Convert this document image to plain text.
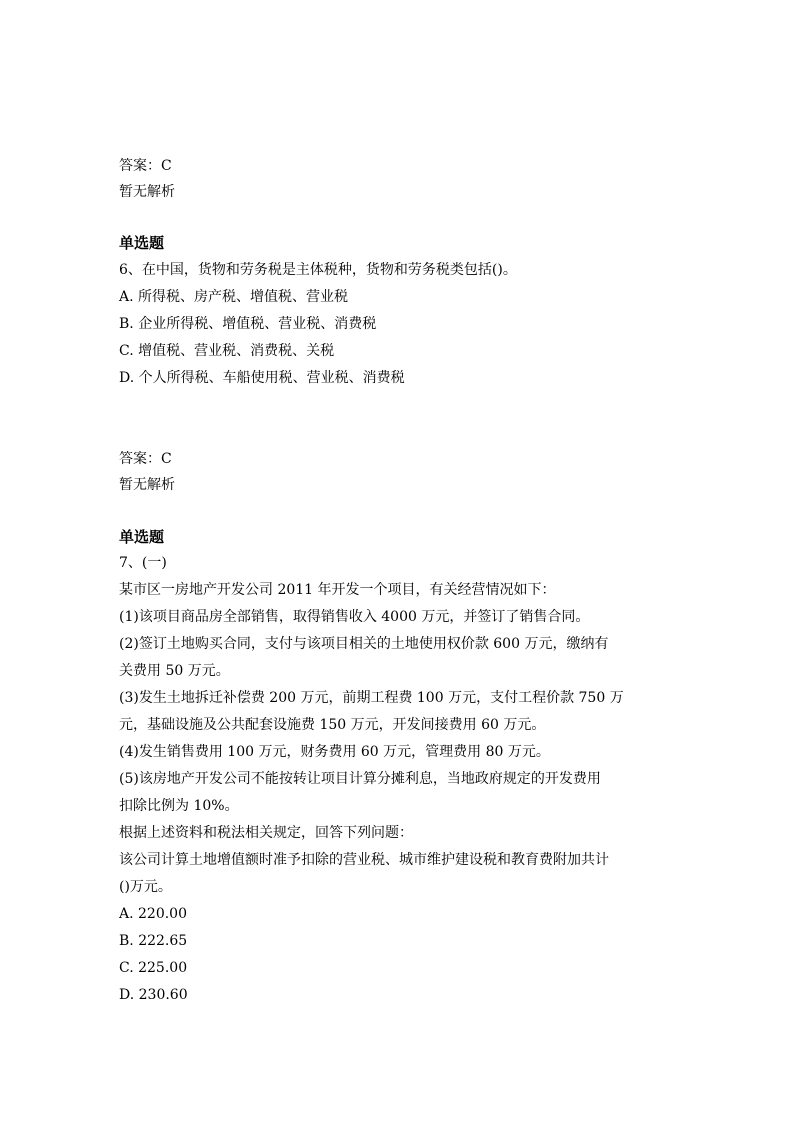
答案：C
暂无解析
单选题
6、在中国，货物和劳务税是主体税种，货物和劳务税类包括()。
A. 所得税、房产税、增值税、营业税
B. 企业所得税、增值税、营业税、消费税
C. 增值税、营业税、消费税、关税
D. 个人所得税、车船使用税、营业税、消费税
答案：C
暂无解析
单选题
7、(一)
某市区一房地产开发公司 2011 年开发一个项目，有关经营情况如下：
(1)该项目商品房全部销售，取得销售收入 4000 万元，并签订了销售合同。
(2)签订土地购买合同，支付与该项目相关的土地使用权价款 600 万元，缴纳有
关费用 50 万元。
(3)发生土地拆迁补偿费 200 万元，前期工程费 100 万元，支付工程价款 750 万
元，基础设施及公共配套设施费 150 万元，开发间接费用 60 万元。
(4)发生销售费用 100 万元，财务费用 60 万元，管理费用 80 万元。
(5)该房地产开发公司不能按转让项目计算分摊利息，当地政府规定的开发费用
扣除比例为 10%。
根据上述资料和税法相关规定，回答下列问题：
该公司计算土地增值额时准予扣除的营业税、城市维护建设税和教育费附加共计
()万元。
A. 220.00
B. 222.65
C. 225.00
D. 230.60
